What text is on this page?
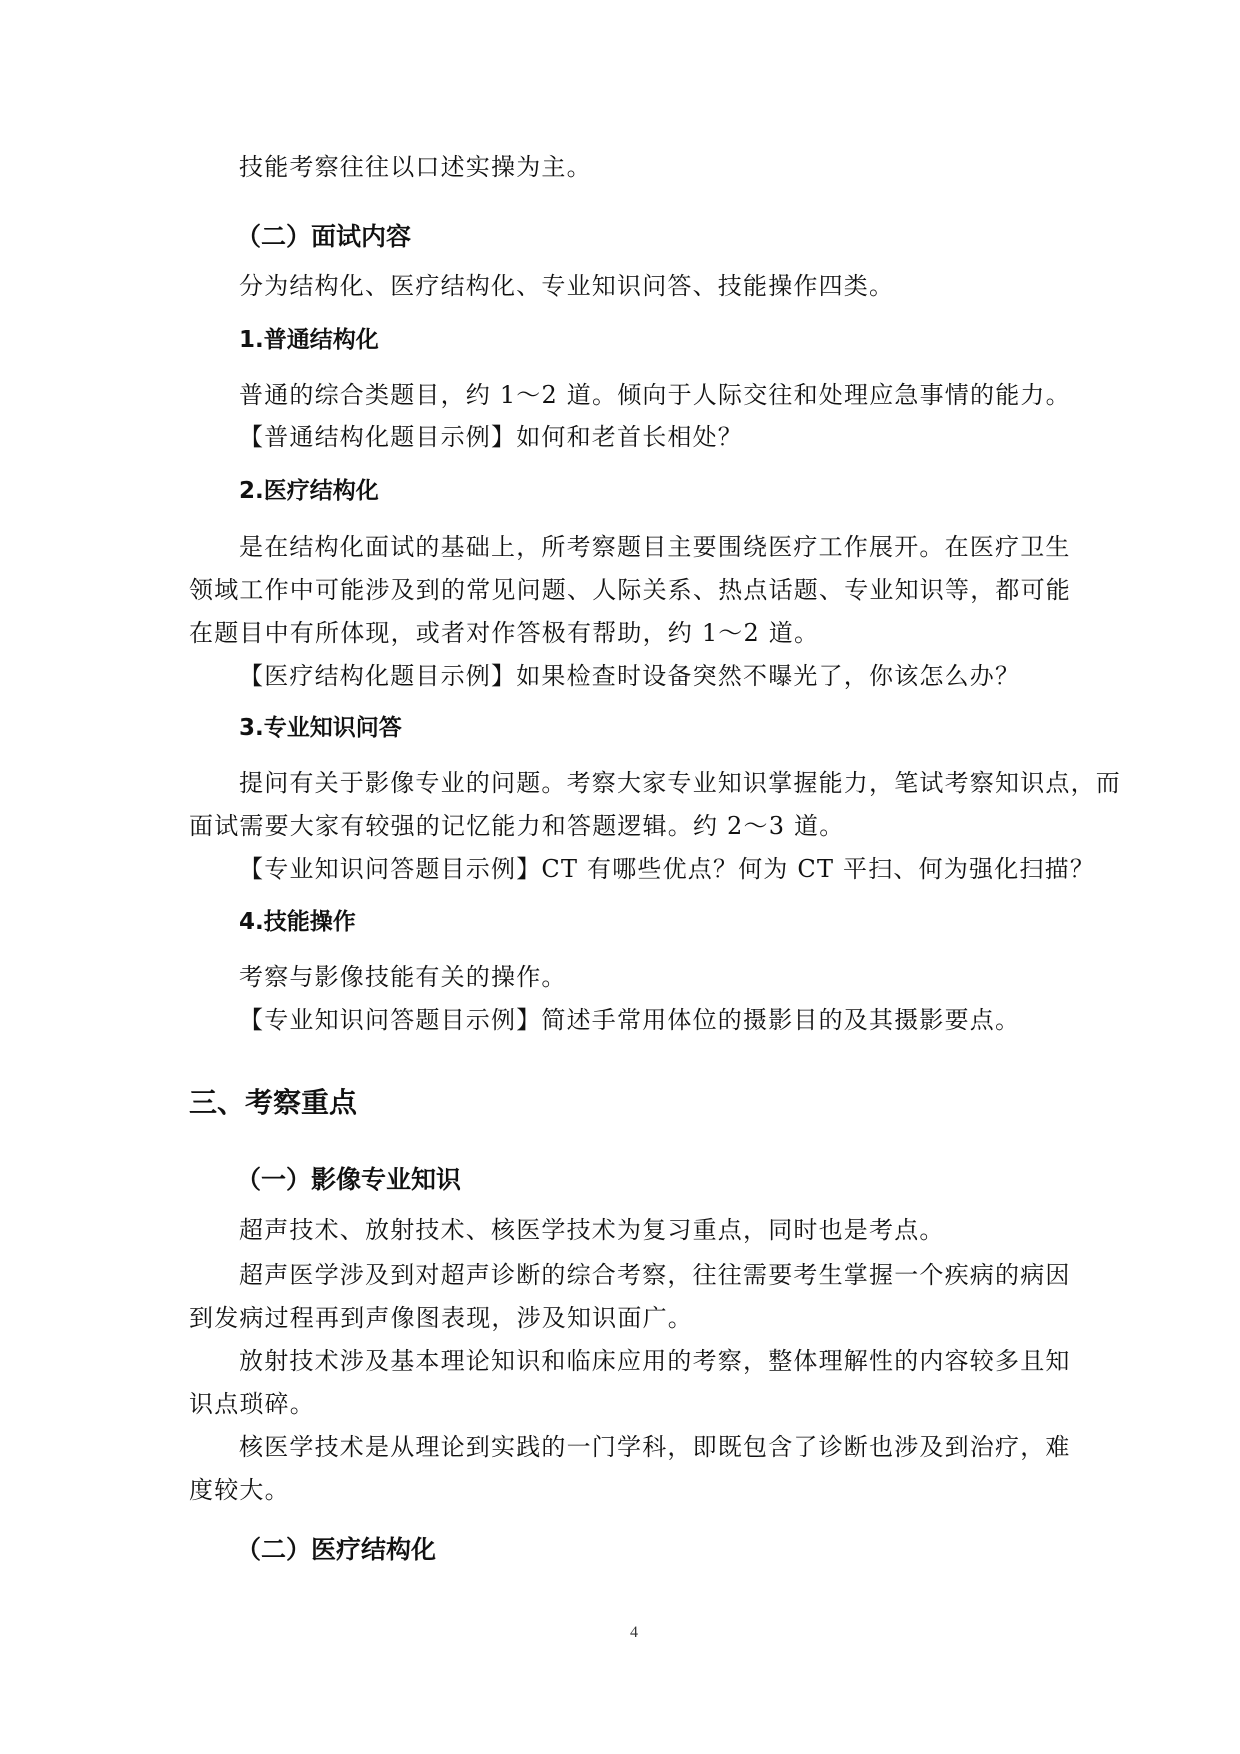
技能考察往往以口述实操为主。
（二）面试内容
分为结构化、医疗结构化、专业知识问答、技能操作四类。
1.普通结构化
普通的综合类题目，约 1～2 道。倾向于人际交往和处理应急事情的能力。
【普通结构化题目示例】如何和老首长相处？
2.医疗结构化
是在结构化面试的基础上，所考察题目主要围绕医疗工作展开。在医疗卫生
领域工作中可能涉及到的常见问题、人际关系、热点话题、专业知识等，都可能
在题目中有所体现，或者对作答极有帮助，约 1～2 道。
【医疗结构化题目示例】如果检查时设备突然不曝光了，你该怎么办？
3.专业知识问答
提问有关于影像专业的问题。考察大家专业知识掌握能力，笔试考察知识点，而
面试需要大家有较强的记忆能力和答题逻辑。约 2～3 道。
【专业知识问答题目示例】CT 有哪些优点？何为 CT 平扫、何为强化扫描？
4.技能操作
考察与影像技能有关的操作。
【专业知识问答题目示例】简述手常用体位的摄影目的及其摄影要点。
三、考察重点
（一）影像专业知识
超声技术、放射技术、核医学技术为复习重点，同时也是考点。
超声医学涉及到对超声诊断的综合考察，往往需要考生掌握一个疾病的病因
到发病过程再到声像图表现，涉及知识面广。
放射技术涉及基本理论知识和临床应用的考察，整体理解性的内容较多且知
识点琐碎。
核医学技术是从理论到实践的一门学科，即既包含了诊断也涉及到治疗，难
度较大。
（二）医疗结构化
4
